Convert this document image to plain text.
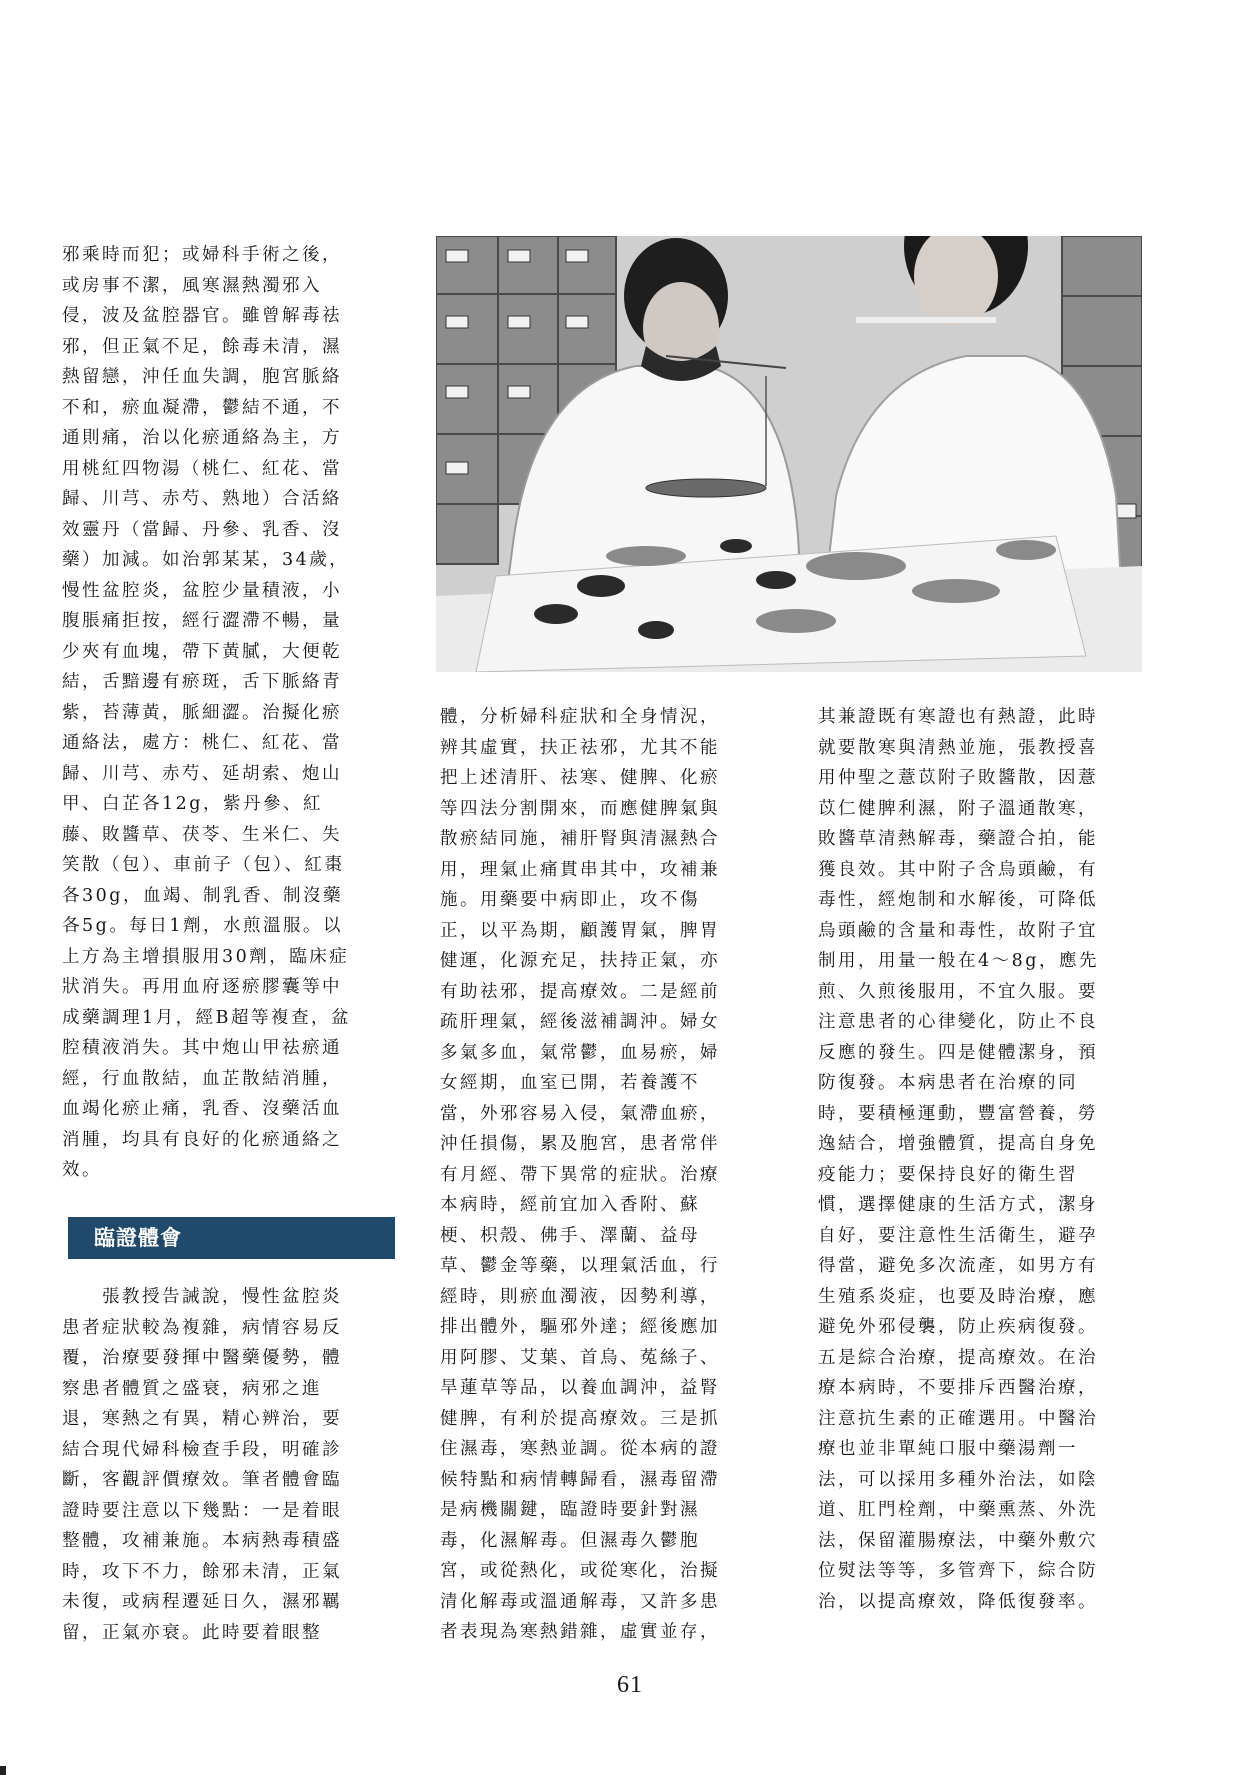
邪乘時而犯；或婦科手術之後，
或房事不潔，風寒濕熱濁邪入
侵，波及盆腔器官。雖曾解毒祛
邪，但正氣不足，餘毒未清，濕
熱留戀，沖任血失調，胞宮脈絡
不和，瘀血凝滯，鬱結不通，不
通則痛，治以化瘀通絡為主，方
用桃紅四物湯（桃仁、紅花、當
歸、川芎、赤芍、熟地）合活絡
效靈丹（當歸、丹參、乳香、沒
藥）加減。如治郭某某，34歲，
慢性盆腔炎，盆腔少量積液，小
腹脹痛拒按，經行澀滯不暢，量
少夾有血塊，帶下黃膩，大便乾
結，舌黯邊有瘀斑，舌下脈絡青
紫，苔薄黃，脈細澀。治擬化瘀
通絡法，處方：桃仁、紅花、當
歸、川芎、赤芍、延胡索、炮山
甲、白芷各12g，紫丹參、紅
藤、敗醬草、茯苓、生米仁、失
笑散（包）、車前子（包）、紅棗
各30g，血竭、制乳香、制沒藥
各5g。每日1劑，水煎溫服。以
上方為主增損服用30劑，臨床症
狀消失。再用血府逐瘀膠囊等中
成藥調理1月，經B超等複查，盆
腔積液消失。其中炮山甲祛瘀通
經，行血散結，血芷散結消腫，
血竭化瘀止痛，乳香、沒藥活血
消腫，均具有良好的化瘀通絡之
效。
臨證體會
　　張教授告誡說，慢性盆腔炎
患者症狀較為複雜，病情容易反
覆，治療要發揮中醫藥優勢，體
察患者體質之盛衰，病邪之進
退，寒熱之有異，精心辨治，要
結合現代婦科檢查手段，明確診
斷，客觀評價療效。筆者體會臨
證時要注意以下幾點：一是着眼
整體，攻補兼施。本病熱毒積盛
時，攻下不力，餘邪未清，正氣
未復，或病程遷延日久，濕邪羈
留，正氣亦衰。此時要着眼整
體，分析婦科症狀和全身情況，
辨其虛實，扶正祛邪，尤其不能
把上述清肝、祛寒、健脾、化瘀
等四法分割開來，而應健脾氣與
散瘀結同施，補肝腎與清濕熱合
用，理氣止痛貫串其中，攻補兼
施。用藥要中病即止，攻不傷
正，以平為期，顧護胃氣，脾胃
健運，化源充足，扶持正氣，亦
有助祛邪，提高療效。二是經前
疏肝理氣，經後滋補調沖。婦女
多氣多血，氣常鬱，血易瘀，婦
女經期，血室已開，若養護不
當，外邪容易入侵，氣滯血瘀，
沖任損傷，累及胞宮，患者常伴
有月經、帶下異常的症狀。治療
本病時，經前宜加入香附、蘇
梗、枳殼、佛手、澤蘭、益母
草、鬱金等藥，以理氣活血，行
經時，則瘀血濁液，因勢利導，
排出體外，驅邪外達；經後應加
用阿膠、艾葉、首烏、菟絲子、
旱蓮草等品，以養血調沖，益腎
健脾，有利於提高療效。三是抓
住濕毒，寒熱並調。從本病的證
候特點和病情轉歸看，濕毒留滯
是病機關鍵，臨證時要針對濕
毒，化濕解毒。但濕毒久鬱胞
宮，或從熱化，或從寒化，治擬
清化解毒或溫通解毒，又許多患
者表現為寒熱錯雜，虛實並存，
其兼證既有寒證也有熱證，此時
就要散寒與清熱並施，張教授喜
用仲聖之薏苡附子敗醬散，因薏
苡仁健脾利濕，附子溫通散寒，
敗醬草清熱解毒，藥證合拍，能
獲良效。其中附子含烏頭鹼，有
毒性，經炮制和水解後，可降低
烏頭鹼的含量和毒性，故附子宜
制用，用量一般在4～8g，應先
煎、久煎後服用，不宜久服。要
注意患者的心律變化，防止不良
反應的發生。四是健體潔身，預
防復發。本病患者在治療的同
時，要積極運動，豐富營養，勞
逸結合，增強體質，提高自身免
疫能力；要保持良好的衛生習
慣，選擇健康的生活方式，潔身
自好，要注意性生活衛生，避孕
得當，避免多次流產，如男方有
生殖系炎症，也要及時治療，應
避免外邪侵襲，防止疾病復發。
五是綜合治療，提高療效。在治
療本病時，不要排斥西醫治療，
注意抗生素的正確選用。中醫治
療也並非單純口服中藥湯劑一
法，可以採用多種外治法，如陰
道、肛門栓劑，中藥熏蒸、外洗
法，保留灌腸療法，中藥外敷穴
位熨法等等，多管齊下，綜合防
治，以提高療效，降低復發率。
61
